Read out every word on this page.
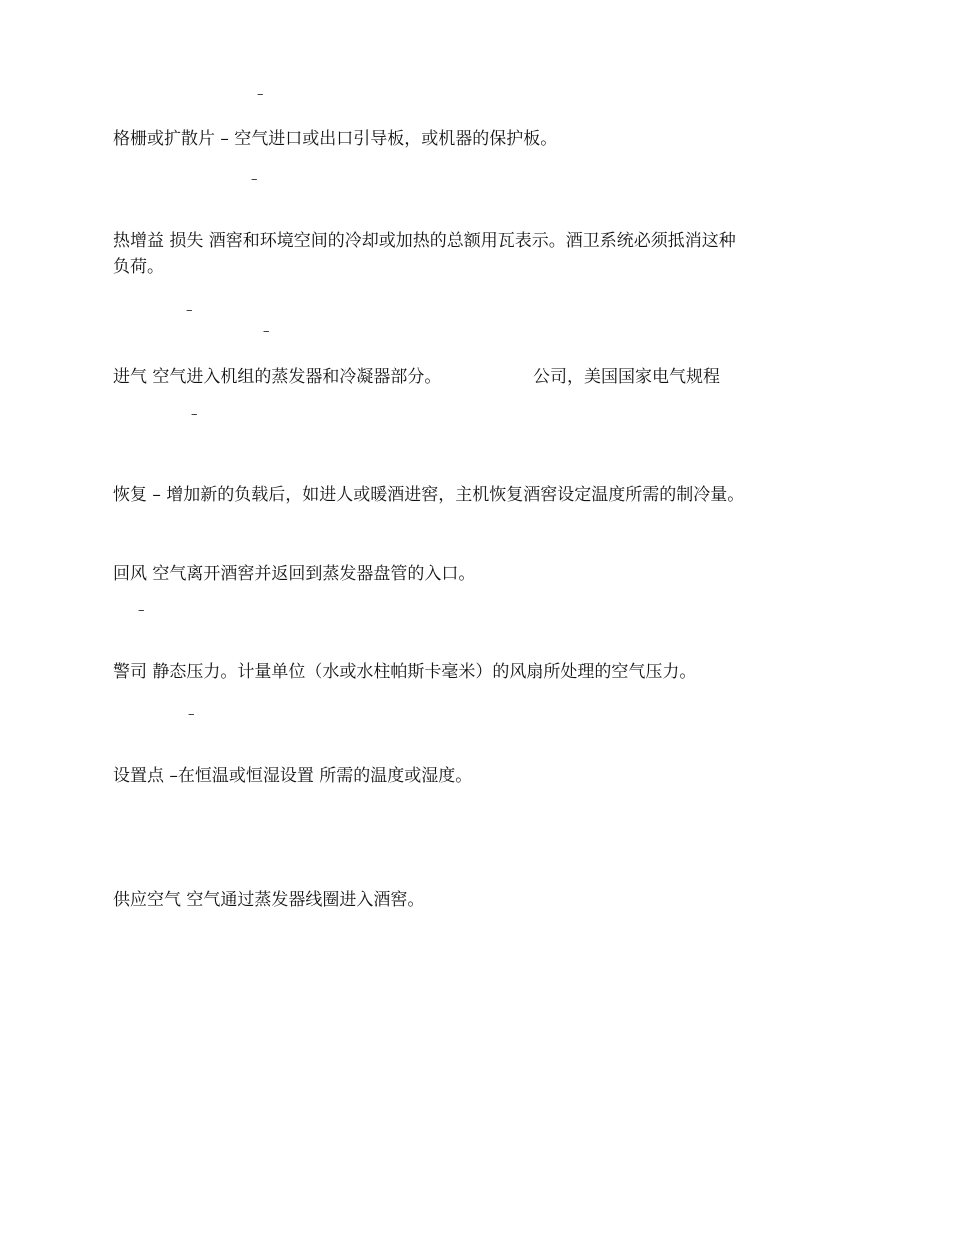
–
格栅或扩散片 – 空气进口或出口引导板，或机器的保护板。
–
热增益 损失 酒窖和环境空间的冷却或加热的总额用瓦表示。酒卫系统必须抵消这种
负荷。
–
–
进气 空气进入机组的蒸发器和冷凝器部分。	公司，美国国家电气规程
–
恢复 – 增加新的负载后，如进人或暖酒进窖，主机恢复酒窖设定温度所需的制冷量。
回风 空气离开酒窖并返回到蒸发器盘管的入口。
–
警司 静态压力。计量单位（水或水柱帕斯卡毫米）的风扇所处理的空气压力。
–
设置点 –在恒温或恒湿设置 所需的温度或湿度。
供应空气 空气通过蒸发器线圈进入酒窖。
